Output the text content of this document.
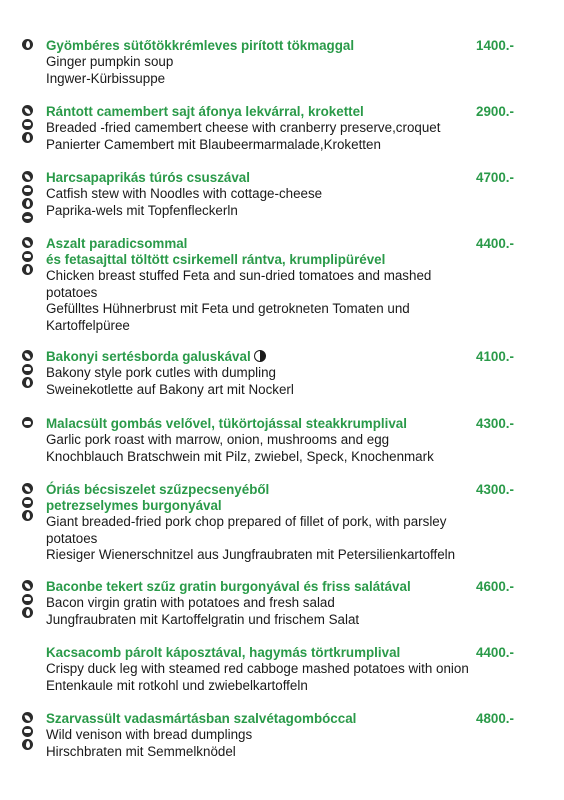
Gyömbéres sütőtökkrémleves pirított tökmaggal
Ginger pumpkin soup
Ingwer-Kürbissuppe
1400.-
Rántott camembert sajt áfonya lekvárral, krokettel
Breaded -fried camembert cheese with cranberry preserve,croquet
Panierter Camembert mit Blaubeermarmalade,Kroketten
2900.-
Harcsapaprikás túrós csuszával
Catfish stew with Noodles with cottage-cheese
Paprika-wels mit Topfenfleckerln
4700.-
Aszalt paradicsommal
és fetasajttal töltött csirkemell rántva, krumplipürével
Chicken breast stuffed Feta and sun-dried tomatoes and mashed
potatoes
Gefülltes Hühnerbrust mit Feta und getrokneten Tomaten und
Kartoffelpüree
4400.-
Bakonyi sertésborda galuskával
Bakony style pork cutles with dumpling
Sweinekotlette auf Bakony art mit Nockerl
4100.-
Malacsült gombás velővel, tükörtojással steakkrumplival
Garlic pork roast with marrow, onion, mushrooms and egg
Knochblauch Bratschwein mit Pilz, zwiebel, Speck, Knochenmark
4300.-
Óriás bécsiszelet szűzpecsenyéből
petrezselymes burgonyával
Giant breaded-fried pork chop prepared of fillet of pork, with parsley
potatoes
Riesiger Wienerschnitzel aus Jungfraubraten mit Petersilienkartoffeln
4300.-
Baconbe tekert szűz gratin burgonyával és friss salátával
Bacon virgin gratin with potatoes and fresh salad
Jungfraubraten mit Kartoffelgratin und frischem Salat
4600.-
Kacsacomb párolt káposztával, hagymás törtkrumplival
Crispy duck leg with steamed red cabboge mashed potatoes with onion
Entenkaule mit rotkohl und zwiebelkartoffeln
4400.-
Szarvassült vadasmártásban szalvétagombóccal
Wild venison with bread dumplings
Hirschbraten mit Semmelknödel
4800.-
